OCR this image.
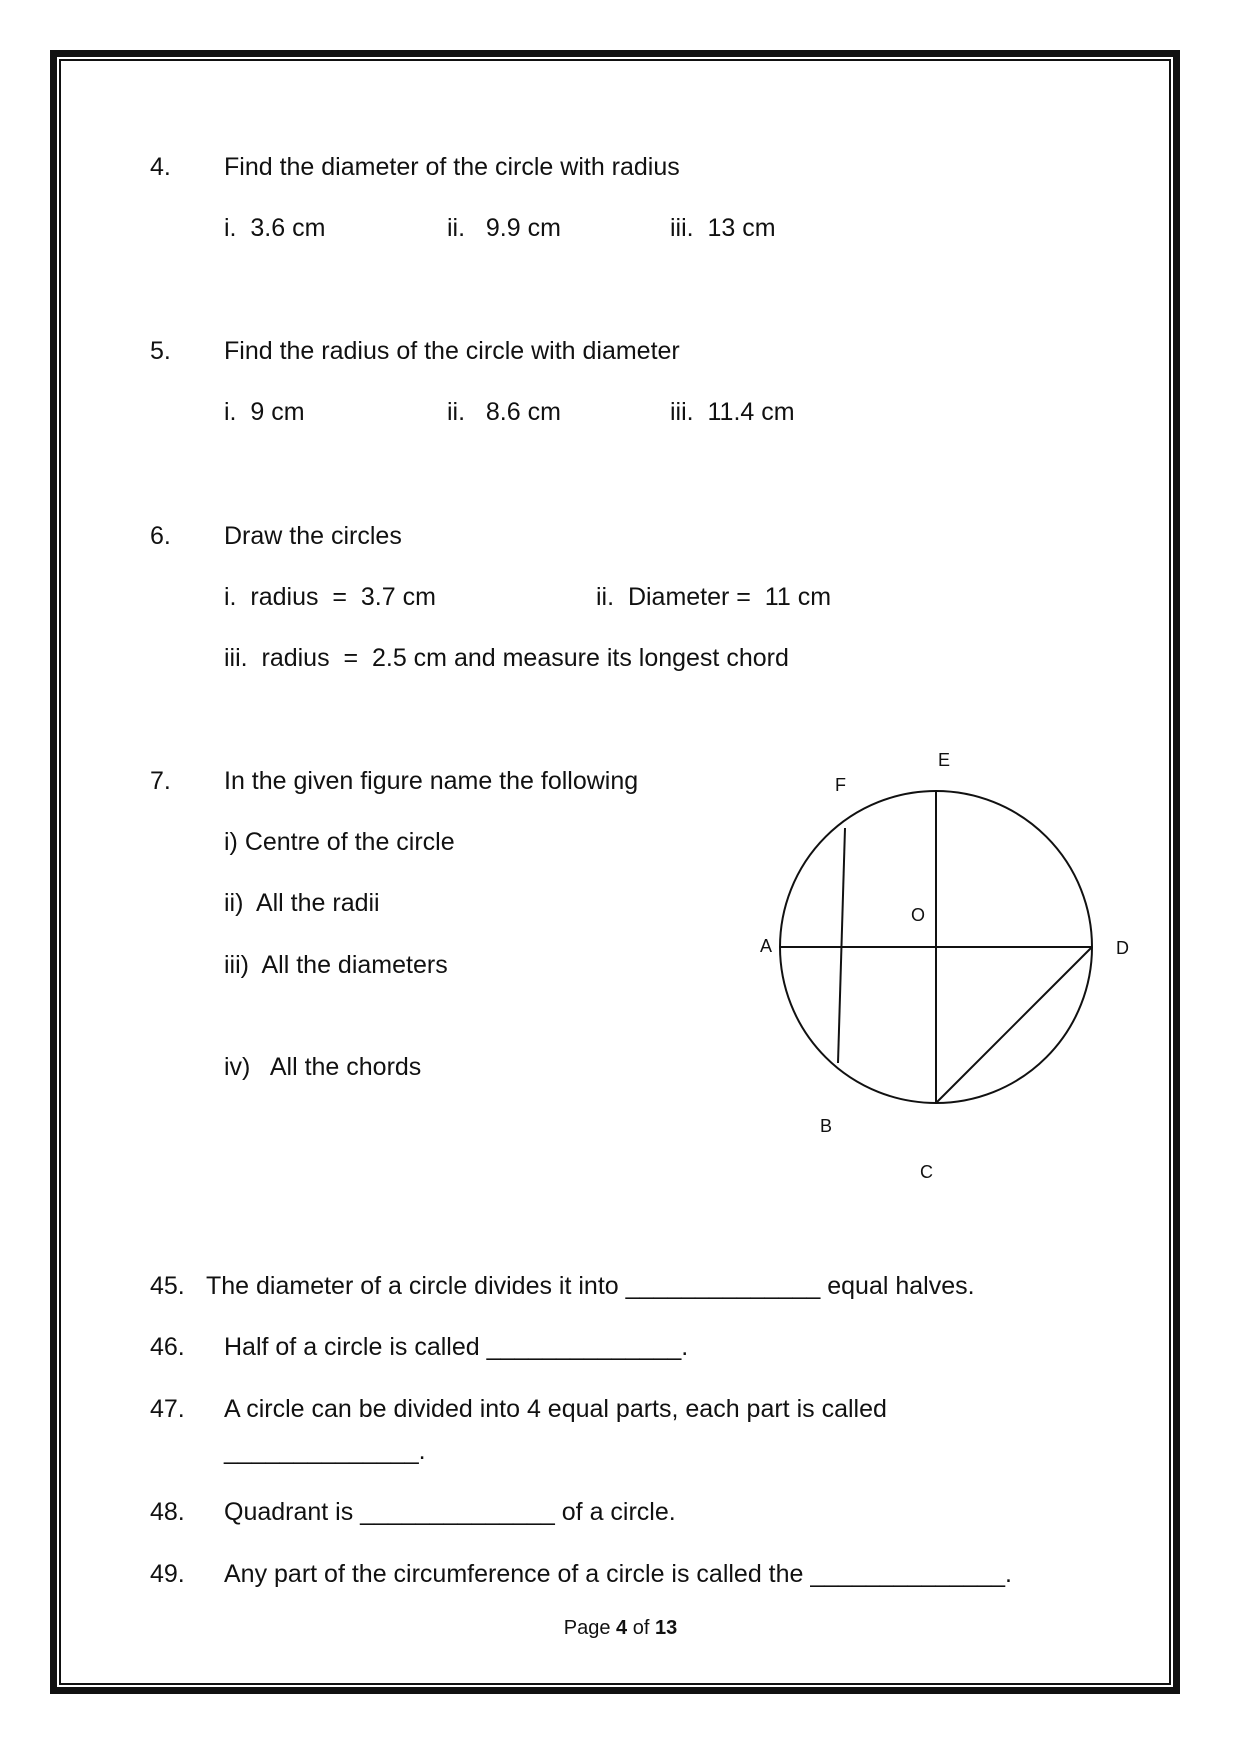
4. Find the diameter of the circle with radius
i.  3.6 cm	ii.   9.9 cm	iii.  13 cm
5. Find the radius of the circle with diameter
i.  9 cm	ii.   8.6 cm	iii.  11.4 cm
6. Draw the circles
i.  radius  =  3.7 cm	ii.  Diameter =  11 cm
iii.  radius  =  2.5 cm and measure its longest chord
7. In the given figure name the following
i) Centre of the circle
ii)  All the radii
iii)  All the diameters
iv)   All the chords
E
F
O
A	D
B
C
45. The diameter of a circle divides it into ______________ equal halves.
46. Half of a circle is called ______________.
47. A circle can be divided into 4 equal parts, each part is called
______________.
48. Quadrant is ______________ of a circle.
49. Any part of the circumference of a circle is called the ______________.
Page 4 of 13
